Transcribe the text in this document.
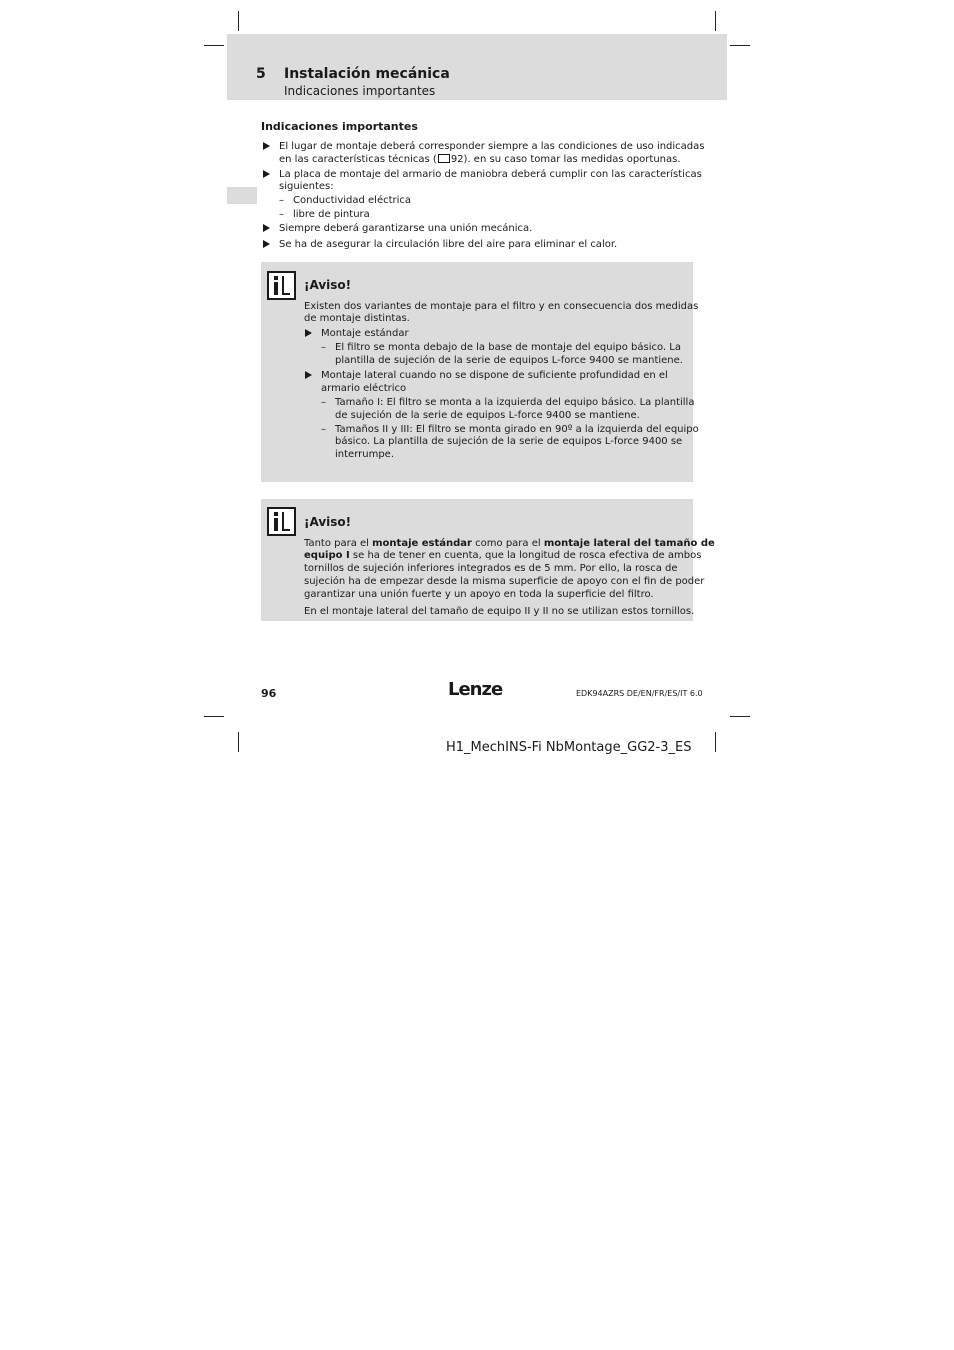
5 Instalación mecánica
Indicaciones importantes
Indicaciones importantes
El lugar de montaje deberá corresponder siempre a las condiciones de uso indicadas
en las características técnicas ( 92). en su caso tomar las medidas oportunas.
La placa de montaje del armario de maniobra deberá cumplir con las características
siguientes:
– Conductividad eléctrica
– libre de pintura
Siempre deberá garantizarse una unión mecánica.
Se ha de asegurar la circulación libre del aire para eliminar el calor.
¡Aviso!
Existen dos variantes de montaje para el filtro y en consecuencia dos medidas
de montaje distintas.
Montaje estándar
– El filtro se monta debajo de la base de montaje del equipo básico. La
plantilla de sujeción de la serie de equipos L-force 9400 se mantiene.
Montaje lateral cuando no se dispone de suficiente profundidad en el
armario eléctrico
– Tamaño I: El filtro se monta a la izquierda del equipo básico. La plantilla
de sujeción de la serie de equipos L-force 9400 se mantiene.
– Tamaños II y III: El filtro se monta girado en 90º a la izquierda del equipo
básico. La plantilla de sujeción de la serie de equipos L-force 9400 se
interrumpe.
¡Aviso!
Tanto para el montaje estándar como para el montaje lateral del tamaño de
equipo I se ha de tener en cuenta, que la longitud de rosca efectiva de ambos
tornillos de sujeción inferiores integrados es de 5 mm. Por ello, la rosca de
sujeción ha de empezar desde la misma superficie de apoyo con el fin de poder
garantizar una unión fuerte y un apoyo en toda la superficie del filtro.
En el montaje lateral del tamaño de equipo II y II no se utilizan estos tornillos.
96	Lenze	EDK94AZRS DE/EN/FR/ES/IT 6.0
H1_MechINS-Fi NbMontage_GG2-3_ES
